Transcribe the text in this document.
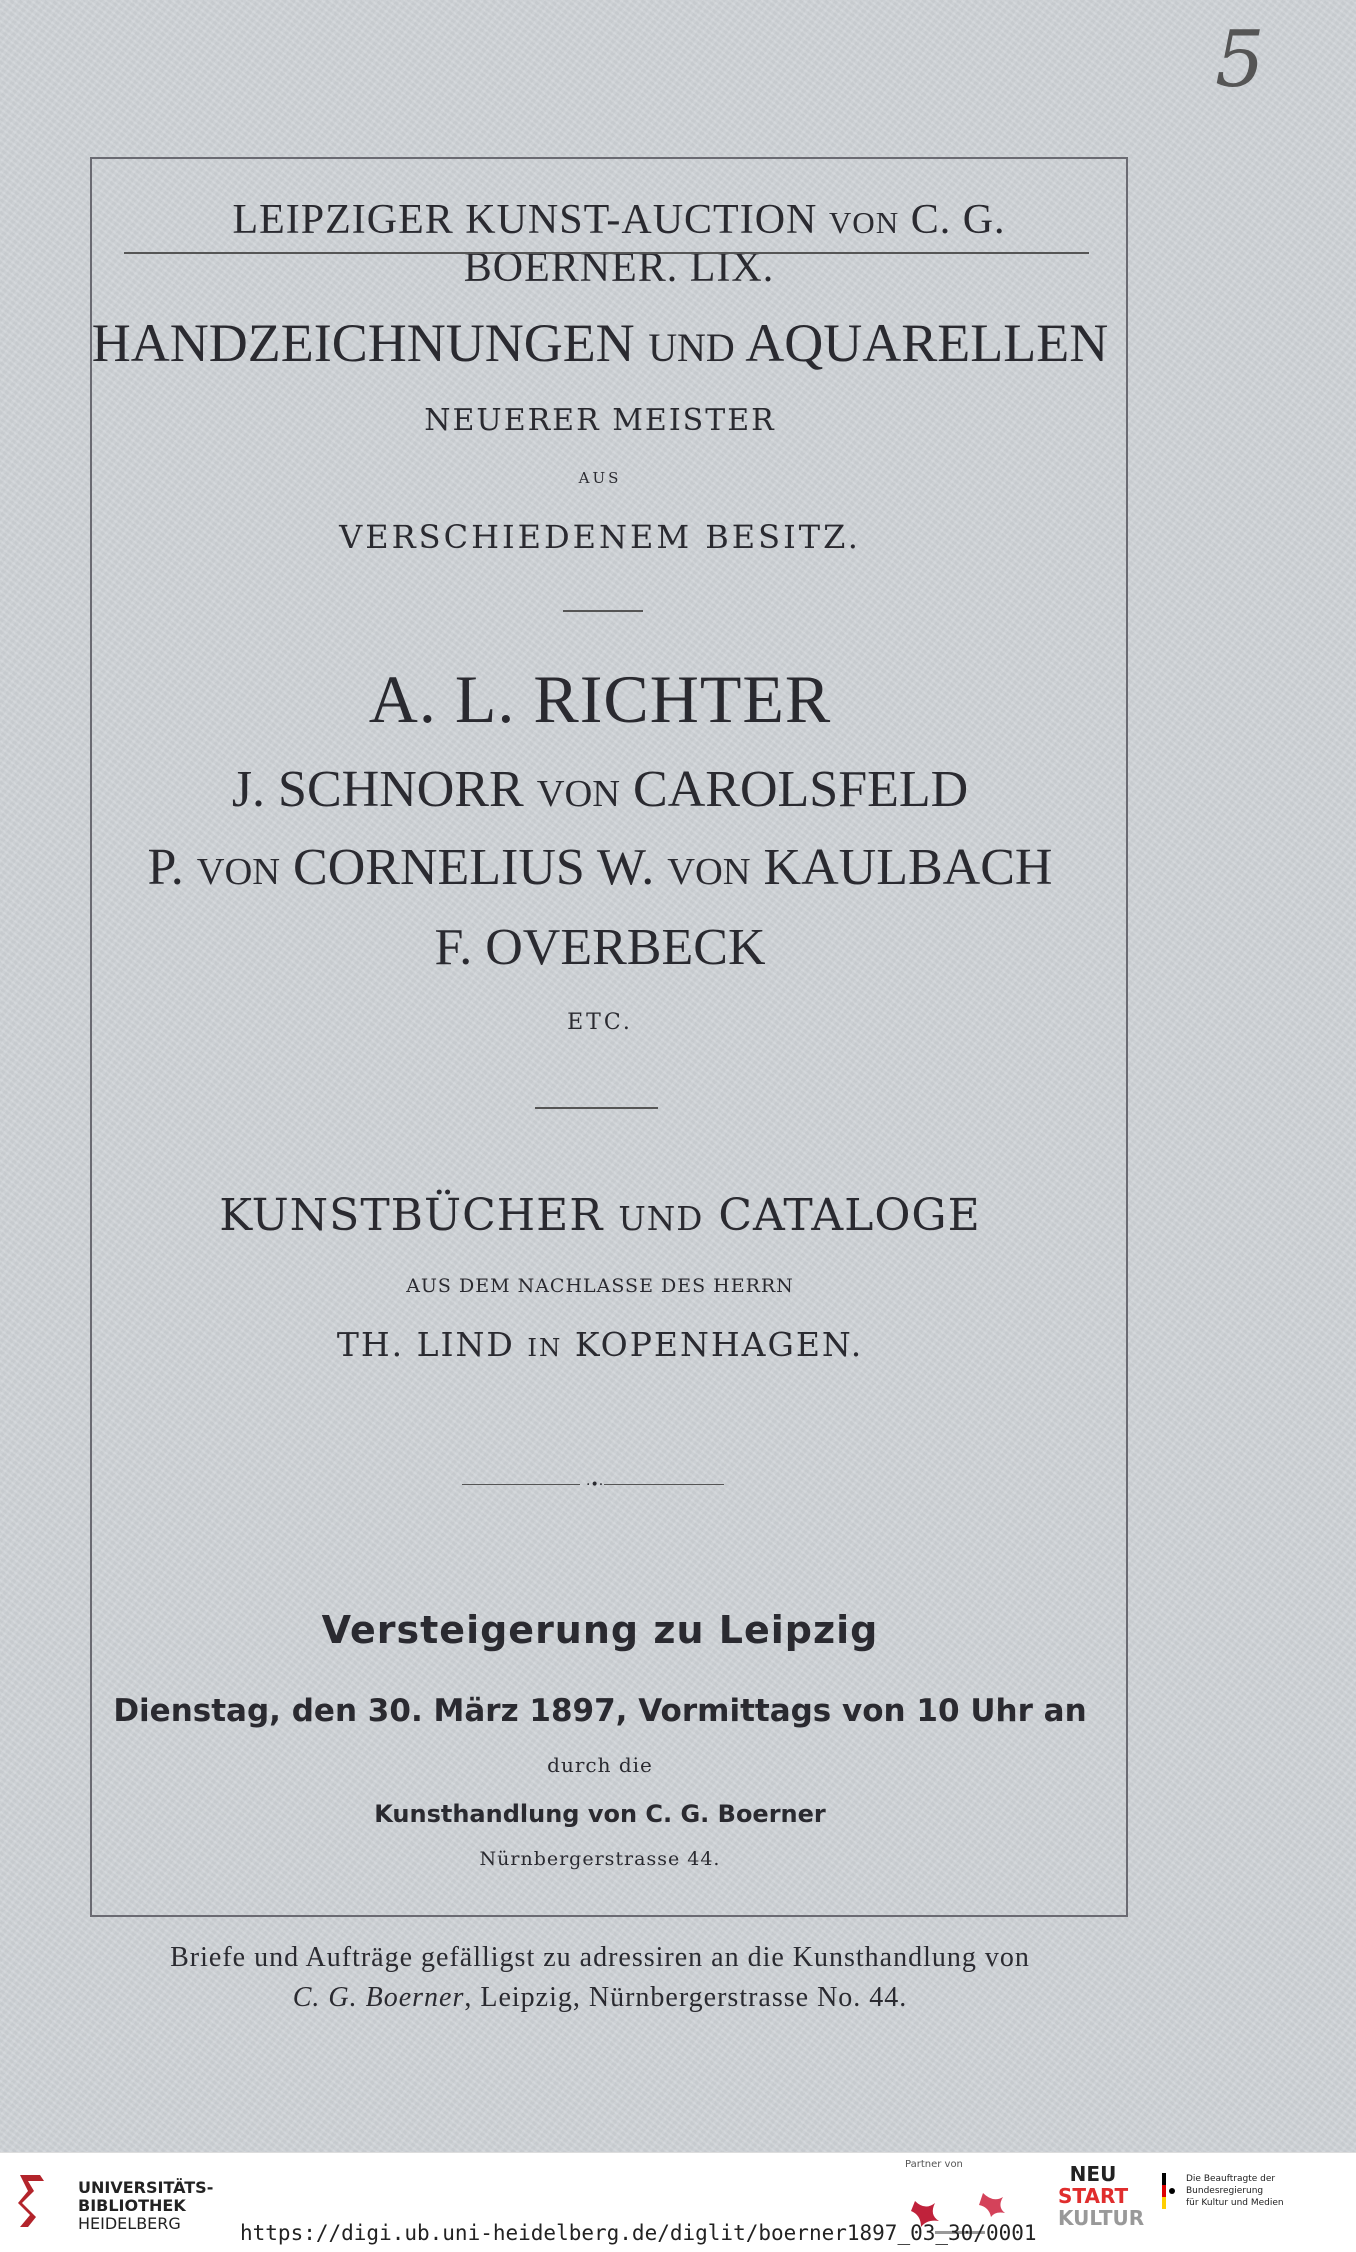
5
LEIPZIGER KUNST-AUCTION VON C. G. BOERNER. LIX.
HANDZEICHNUNGEN UND AQUARELLEN
NEUERER MEISTER
AUS
VERSCHIEDENEM BESITZ.
A. L. RICHTER
J. SCHNORR VON CAROLSFELD
P. VON CORNELIUS W. VON KAULBACH
F. OVERBECK
ETC.
KUNSTBÜCHER UND CATALOGE
AUS DEM NACHLASSE DES HERRN
TH. LIND IN KOPENHAGEN.
·•·
Versteigerung zu Leipzig
Dienstag, den 30. März 1897, Vormittags von 10 Uhr an
durch die
Kunsthandlung von C. G. Boerner
Nürnbergerstrasse 44.
Briefe und Aufträge gefälligst zu adressiren an die Kunsthandlung von
C. G. Boerner, Leipzig, Nürnbergerstrasse No. 44.
UNIVERSITÄTS-
BIBLIOTHEK
HEIDELBERG
Partner von	NEU
START
KULTUR
Die Beauftragte der Bundesregierung
für Kultur und Medien
https://digi.ub.uni-heidelberg.de/diglit/boerner1897_03_30/0001
